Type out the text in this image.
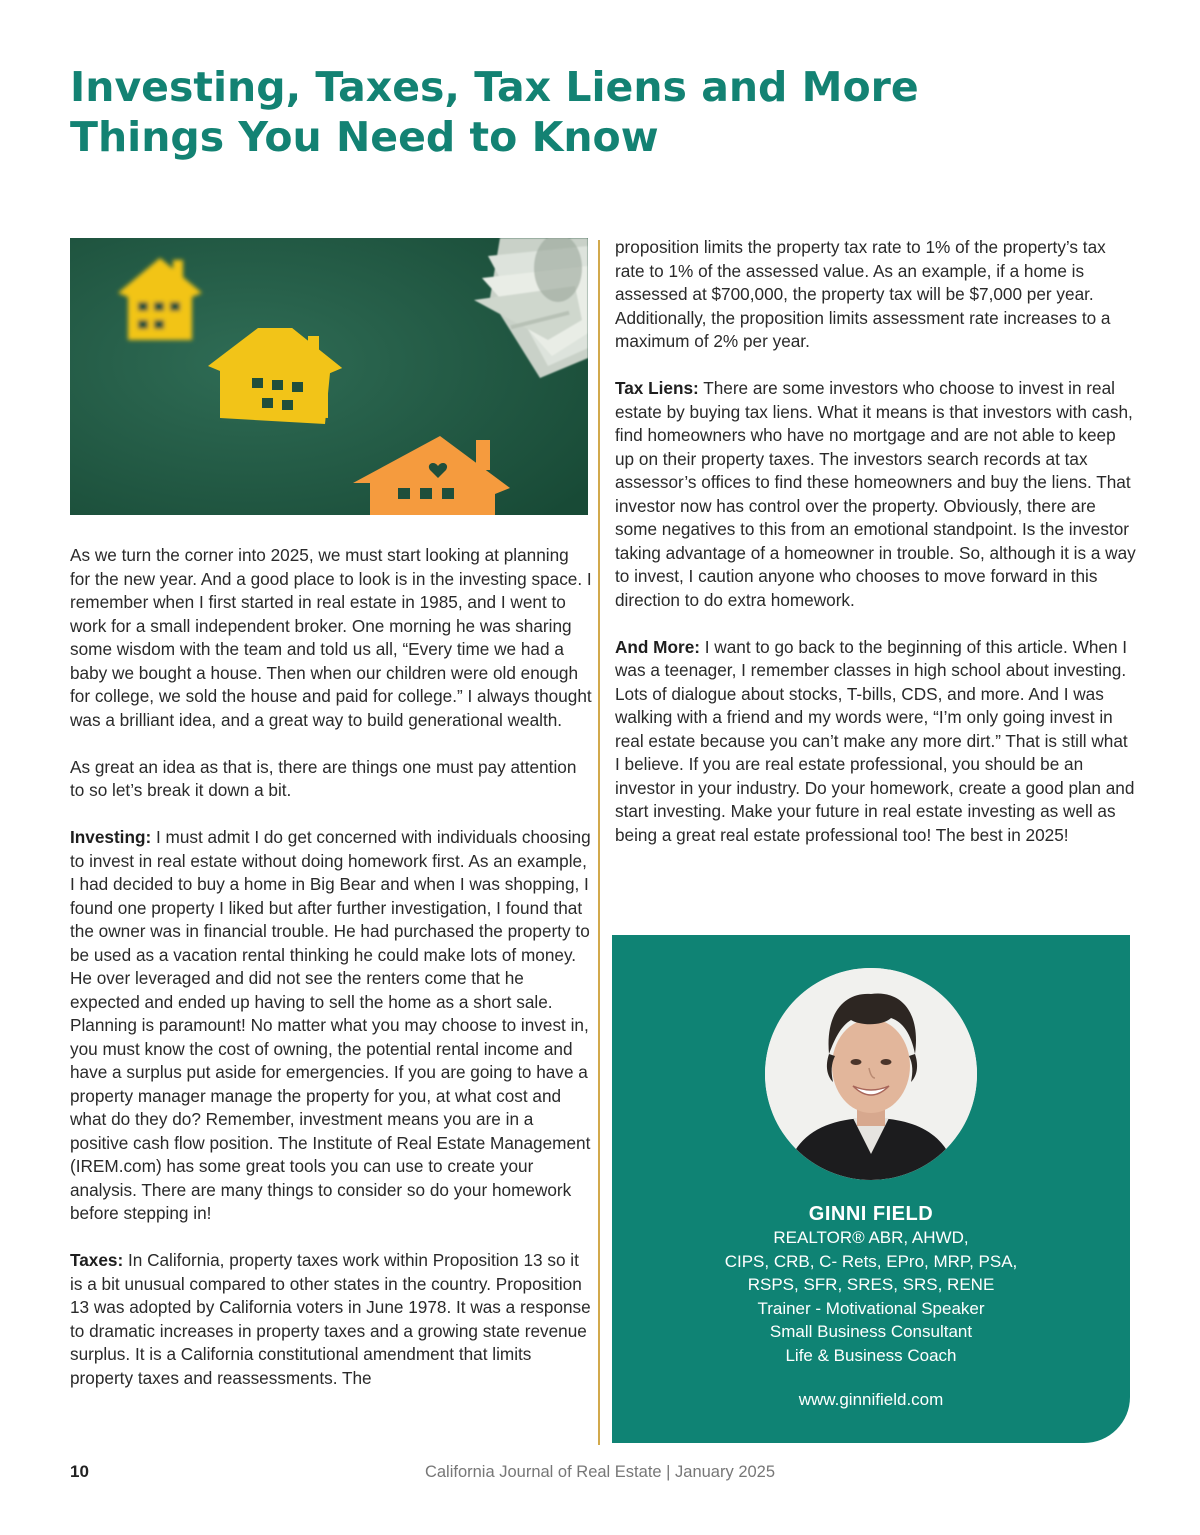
Investing, Taxes, Tax Liens and More Things You Need to Know

As we turn the corner into 2025, we must start looking at planning for the new year. And a good place to look is in the investing space. I remember when I first started in real estate in 1985, and I went to work for a small independent broker. One morning he was sharing some wisdom with the team and told us all, “Every time we had a baby we bought a house. Then when our children were old enough for college, we sold the house and paid for college.” I always thought was a brilliant idea, and a great way to build generational wealth.

As great an idea as that is, there are things one must pay attention to so let’s break it down a bit.

Investing: I must admit I do get concerned with individuals choosing to invest in real estate without doing homework first. As an example, I had decided to buy a home in Big Bear and when I was shopping, I found one property I liked but after further investigation, I found that the owner was in financial trouble. He had purchased the property to be used as a vacation rental thinking he could make lots of money. He over leveraged and did not see the renters come that he expected and ended up having to sell the home as a short sale. Planning is paramount! No matter what you may choose to invest in, you must know the cost of owning, the potential rental income and have a surplus put aside for emergencies. If you are going to have a property manager manage the property for you, at what cost and what do they do? Remember, investment means you are in a positive cash flow position. The Institute of Real Estate Management (IREM.com) has some great tools you can use to create your analysis. There are many things to consider so do your homework before stepping in!

Taxes: In California, property taxes work within Proposition 13 so it is a bit unusual compared to other states in the country. Proposition 13 was adopted by California voters in June 1978. It was a response to dramatic increases in property taxes and a growing state revenue surplus. It is a California constitutional amendment that limits property taxes and reassessments. The

proposition limits the property tax rate to 1% of the property’s tax rate to 1% of the assessed value. As an example, if a home is assessed at $700,000, the property tax will be $7,000 per year. Additionally, the proposition limits assessment rate increases to a maximum of 2% per year.

Tax Liens: There are some investors who choose to invest in real estate by buying tax liens. What it means is that investors with cash, find homeowners who have no mortgage and are not able to keep up on their property taxes. The investors search records at tax assessor’s offices to find these homeowners and buy the liens. That investor now has control over the property. Obviously, there are some negatives to this from an emotional standpoint. Is the investor taking advantage of a homeowner in trouble. So, although it is a way to invest, I caution anyone who chooses to move forward in this direction to do extra homework.

And More: I want to go back to the beginning of this article. When I was a teenager, I remember classes in high school about investing. Lots of dialogue about stocks, T-bills, CDS, and more. And I was walking with a friend and my words were, “I’m only going invest in real estate because you can’t make any more dirt.” That is still what I believe. If you are real estate professional, you should be an investor in your industry. Do your homework, create a good plan and start investing. Make your future in real estate investing as well as being a great real estate professional too! The best in 2025!

GINNI FIELD
REALTOR® ABR, AHWD,
CIPS, CRB, C- Rets, EPro, MRP, PSA,
RSPS, SFR, SRES, SRS, RENE
Trainer - Motivational Speaker
Small Business Consultant
Life & Business Coach
www.ginnifield.com
10	California Journal of Real Estate | January 2025
